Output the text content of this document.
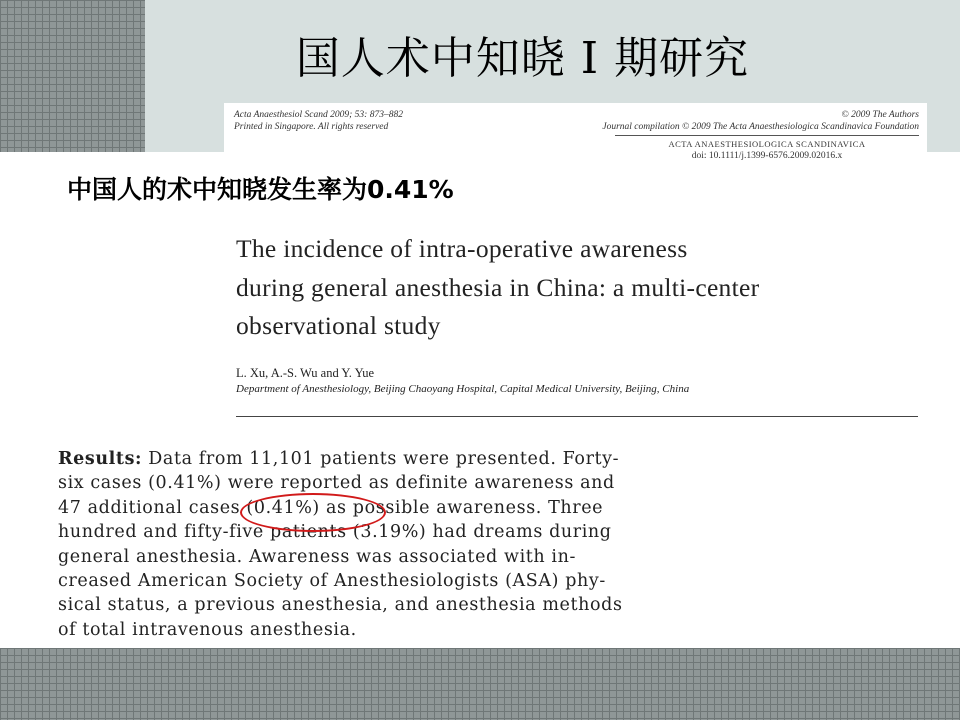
国人术中知晓 I 期研究
Acta Anaesthesiol Scand 2009; 53: 873–882
Printed in Singapore. All rights reserved
© 2009 The Authors
Journal compilation © 2009 The Acta Anaesthesiologica Scandinavica Foundation
ACTA ANAESTHESIOLOGICA SCANDINAVICA
doi: 10.1111/j.1399-6576.2009.02016.x
中国人的术中知晓发生率为0.41%
The incidence of intra-operative awareness
during general anesthesia in China: a multi-center
observational study
L. Xu, A.-S. Wu and Y. Yue
Department of Anesthesiology, Beijing Chaoyang Hospital, Capital Medical University, Beijing, China
Results: Data from 11,101 patients were presented. Forty-
six cases (0.41%) were reported as definite awareness and
47 additional cases (0.41%) as possible awareness. Three
hundred and fifty-five patients (3.19%) had dreams during
general anesthesia. Awareness was associated with in-
creased American Society of Anesthesiologists (ASA) phy-
sical status, a previous anesthesia, and anesthesia methods
of total intravenous anesthesia.
